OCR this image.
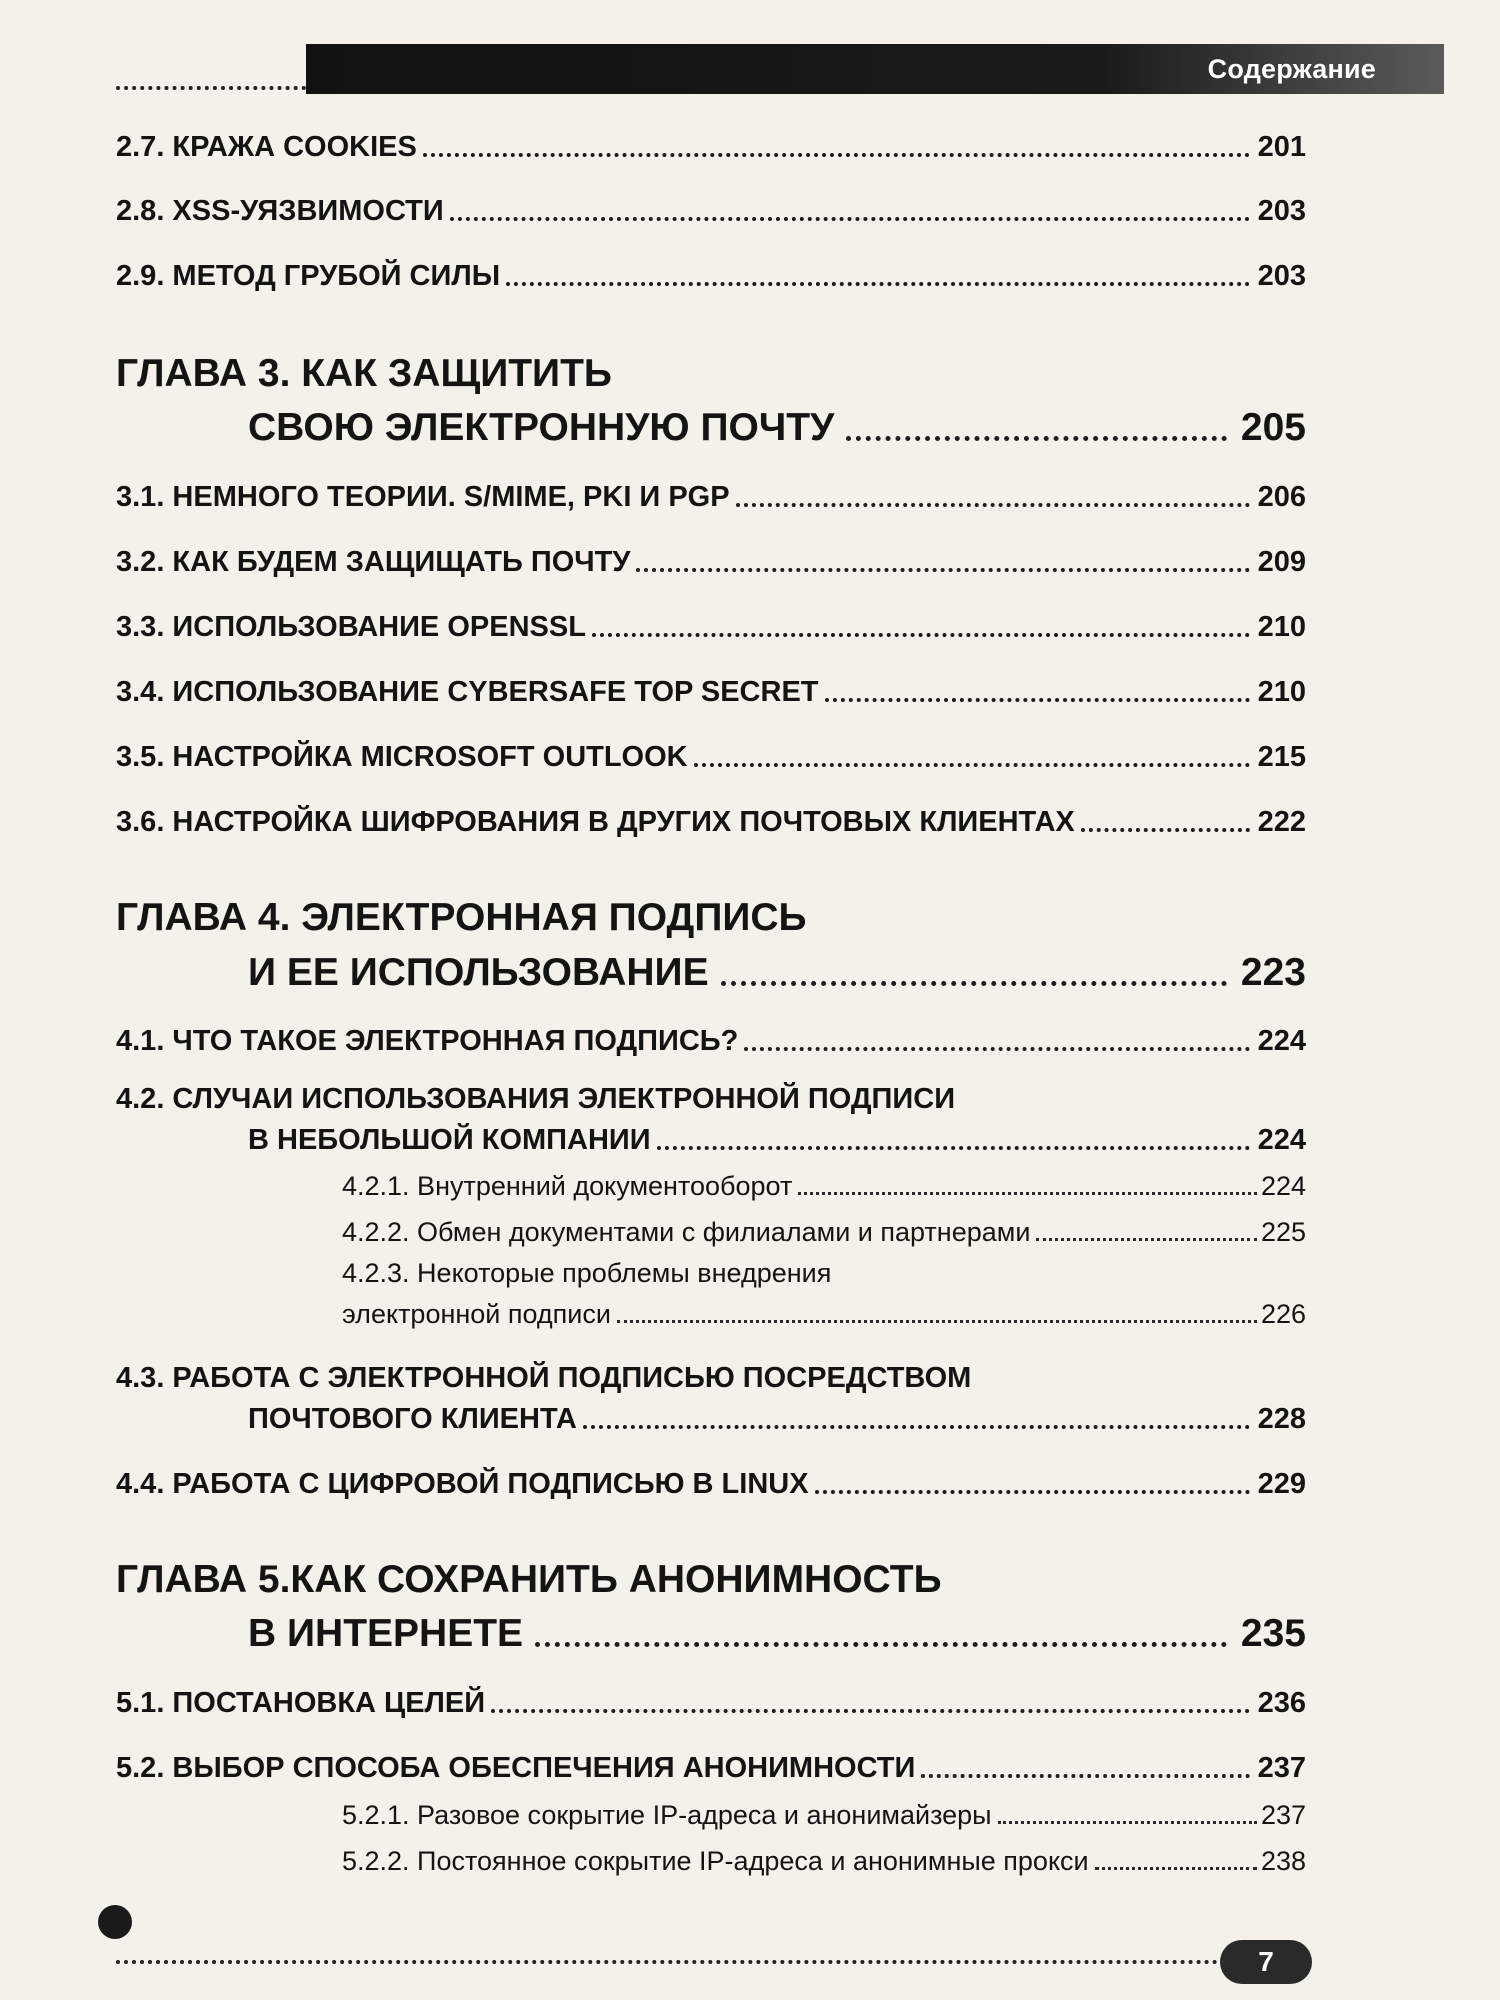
Содержание
2.7. КРАЖА COOKIES	201
2.8. XSS-УЯЗВИМОСТИ	203
2.9. МЕТОД ГРУБОЙ СИЛЫ	203
ГЛАВА 3. КАК ЗАЩИТИТЬ
СВОЮ ЭЛЕКТРОННУЮ ПОЧТУ	205
3.1. НЕМНОГО ТЕОРИИ. S/MIME, PKI И PGP	206
3.2. КАК БУДЕМ ЗАЩИЩАТЬ ПОЧТУ	209
3.3. ИСПОЛЬЗОВАНИЕ OPENSSL	210
3.4. ИСПОЛЬЗОВАНИЕ CYBERSAFE TOP SECRET	210
3.5. НАСТРОЙКА MICROSOFT OUTLOOK	215
3.6. НАСТРОЙКА ШИФРОВАНИЯ В ДРУГИХ ПОЧТОВЫХ КЛИЕНТАХ	222
ГЛАВА 4. ЭЛЕКТРОННАЯ ПОДПИСЬ
И ЕЕ ИСПОЛЬЗОВАНИЕ	223
4.1. ЧТО ТАКОЕ ЭЛЕКТРОННАЯ ПОДПИСЬ?	224
4.2. СЛУЧАИ ИСПОЛЬЗОВАНИЯ ЭЛЕКТРОННОЙ ПОДПИСИ
В НЕБОЛЬШОЙ КОМПАНИИ	224
4.2.1. Внутренний документооборот	224
4.2.2. Обмен документами с филиалами и партнерами	225
4.2.3. Некоторые проблемы внедрения
электронной подписи	226
4.3. РАБОТА С ЭЛЕКТРОННОЙ ПОДПИСЬЮ ПОСРЕДСТВОМ
ПОЧТОВОГО КЛИЕНТА	228
4.4. РАБОТА С ЦИФРОВОЙ ПОДПИСЬЮ В LINUX	229
ГЛАВА 5.КАК СОХРАНИТЬ АНОНИМНОСТЬ
В ИНТЕРНЕТЕ	235
5.1. ПОСТАНОВКА ЦЕЛЕЙ	236
5.2. ВЫБОР СПОСОБА ОБЕСПЕЧЕНИЯ АНОНИМНОСТИ	237
5.2.1. Разовое сокрытие IP-адреса и анонимайзеры	237
5.2.2. Постоянное сокрытие IP-адреса и анонимные прокси	238
7
